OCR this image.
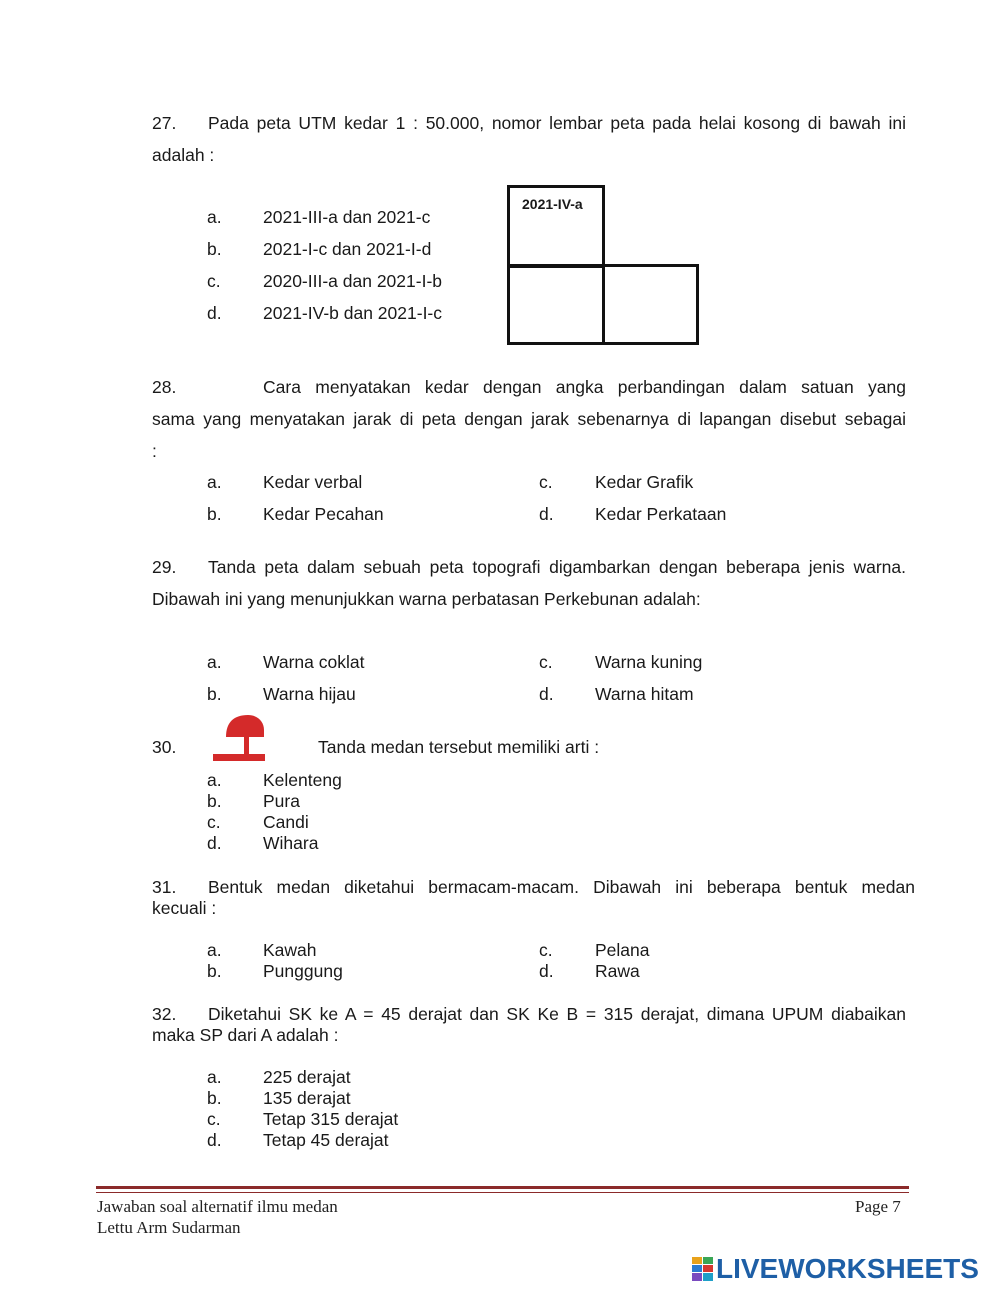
27. Pada peta UTM kedar 1 : 50.000, nomor lembar peta pada helai kosong di bawah ini
adalah :
a. 2021-III-a dan 2021-c
b. 2021-I-c dan 2021-I-d
c. 2020-III-a dan 2021-I-b
d. 2021-IV-b dan 2021-I-c
2021-IV-a
28.	Cara menyatakan kedar dengan angka perbandingan dalam satuan yang
sama yang menyatakan jarak di peta dengan jarak sebenarnya di lapangan disebut sebagai
:
a. Kedar verbal
b. Kedar Pecahan
c. Kedar Grafik
d. Kedar Perkataan
29. Tanda peta dalam sebuah peta topografi digambarkan dengan beberapa jenis warna.
Dibawah ini yang menunjukkan warna perbatasan Perkebunan adalah:
a. Warna coklat
b. Warna hijau
c. Warna kuning
d. Warna hitam
30.	Tanda medan tersebut memiliki arti :
a. Kelenteng
b. Pura
c. Candi
d. Wihara
31. Bentuk medan diketahui bermacam-macam. Dibawah ini beberapa bentuk medan
kecuali :
a. Kawah
b. Punggung
c. Pelana
d. Rawa
32. Diketahui SK ke A = 45 derajat dan SK Ke B = 315 derajat, dimana UPUM diabaikan
maka SP dari A adalah :
a. 225 derajat
b. 135 derajat
c. Tetap 315 derajat
d. Tetap 45 derajat
Jawaban soal alternatif ilmu medan
Lettu Arm Sudarman
Page 7
LIVEWORKSHEETS
